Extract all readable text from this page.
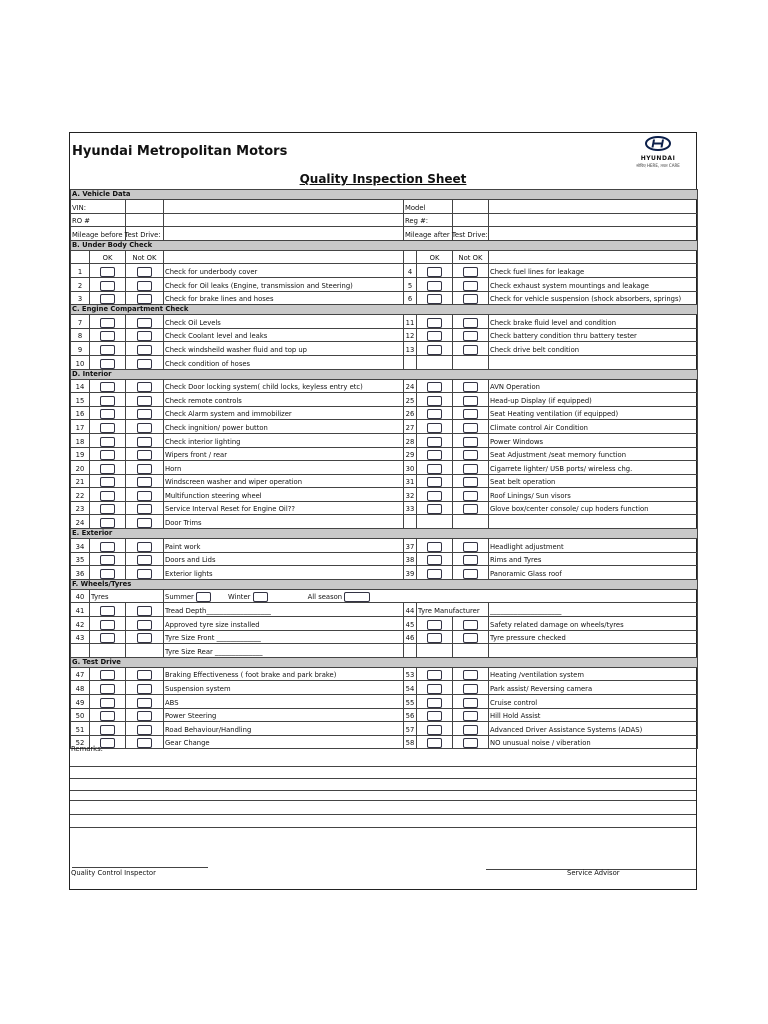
Hyundai Metropolitan Motors
Quality Inspection Sheet
HYUNDAI
सोचिए HERE, तयार CARE
A. Vehicle Data							
VIN:				Model			
RO #				Reg #:			
Mileage before Test Drive:				Mileage after Test Drive:			
B. Under Body Check							
	OK	Not OK			OK	Not OK	
1			Check for underbody cover	4			Check fuel lines for leakage
2			Check for Oil leaks (Engine, transmission and Steering)	5			Check exhaust system mountings and leakage
3			Check for brake lines and hoses	6			Check for vehicle suspension (shock absorbers, springs)
C. Engine Compartment Check							
7			Check Oil Levels	11			Check brake fluid level and condition
8			Check Coolant level and leaks	12			Check battery condition thru battery tester
9			Check windsheild washer fluid and top up	13			Check drive belt condition
10			Check condition of hoses				
D. Interior							
14			Check Door locking system( child locks, keyless entry etc)	24			AVN Operation
15			Check remote controls	25			Head-up Display (if equipped)
16			Check Alarm system and immobilizer	26			Seat Heating ventilation (if equipped)
17			Check ingnition/ power button	27			Climate control Air Condition
18			Check interior lighting	28			Power Windows
19			Wipers front / rear	29			Seat Adjustment /seat memory function
20			Horn	30			Cigarrete lighter/ USB ports/ wireless chg.
21			Windscreen washer and wiper operation	31			Seat belt operation
22			Multifunction steering wheel	32			Roof Linings/ Sun visors
23			Service Interval Reset for Engine Oil??	33			Glove box/center console/ cup hoders function
24			Door Trims				
E. Exterior							
34			Paint work	37			Headlight adjustment
35			Doors and Lids	38			Rims and Tyres
36			Exterior lights	39			Panoramic Glass roof
F. Wheels/Tyres							
40	Tyres		Summer Winter All season				
41			Tread Depth___________________	44	Tyre Manufacturer		_____________________
42			Approved tyre size installed	45			Safety related damage on wheels/tyres
43			Tyre Size Front _____________	46			Tyre pressure checked
			Tyre Size Rear ______________				
G. Test Drive							
47			Braking Effectiveness ( foot brake and park brake)	53			Heating /ventilation system
48			Suspension system	54			Park assist/ Reversing camera
49			ABS	55			Cruise control
50			Power Steering	56			Hill Hold Assist
51			Road Behaviour/Handling	57			Advanced Driver Assistance Systems (ADAS)
52			Gear Change	58			NO unusual noise / viberation
Remarks:
Quality Control Inspector	Service Advisor
